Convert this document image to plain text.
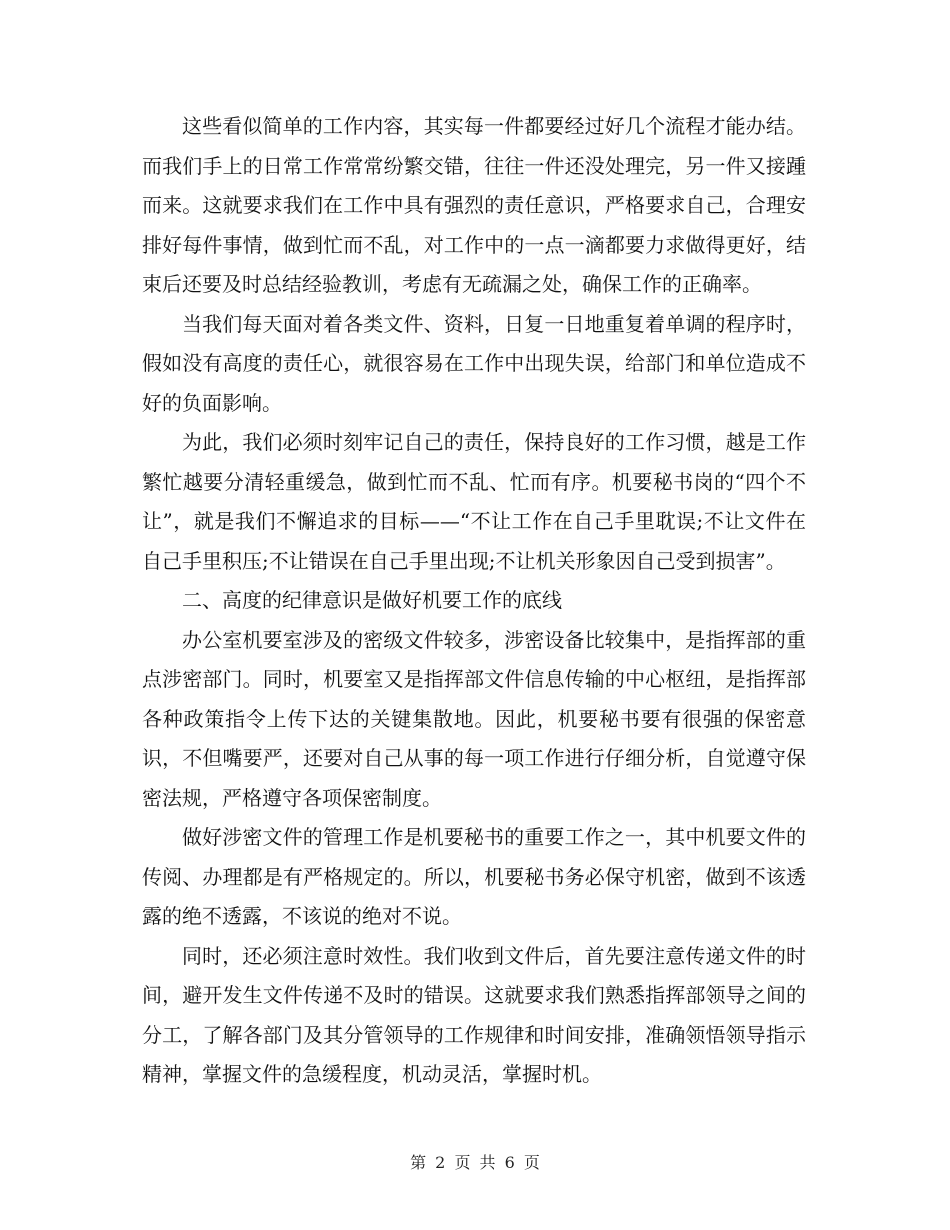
这些看似简单的工作内容，其实每一件都要经过好几个流程才能办结。而我们手上的日常工作常常纷繁交错，往往一件还没处理完，另一件又接踵而来。这就要求我们在工作中具有强烈的责任意识，严格要求自己，合理安排好每件事情，做到忙而不乱，对工作中的一点一滴都要力求做得更好，结束后还要及时总结经验教训，考虑有无疏漏之处，确保工作的正确率。

当我们每天面对着各类文件、资料，日复一日地重复着单调的程序时，假如没有高度的责任心，就很容易在工作中出现失误，给部门和单位造成不好的负面影响。

为此，我们必须时刻牢记自己的责任，保持良好的工作习惯，越是工作繁忙越要分清轻重缓急，做到忙而不乱、忙而有序。机要秘书岗的“四个不让”，就是我们不懈追求的目标——“不让工作在自己手里耽误;不让文件在自己手里积压;不让错误在自己手里出现;不让机关形象因自己受到损害”。

二、高度的纪律意识是做好机要工作的底线

办公室机要室涉及的密级文件较多，涉密设备比较集中，是指挥部的重点涉密部门。同时，机要室又是指挥部文件信息传输的中心枢纽，是指挥部各种政策指令上传下达的关键集散地。因此，机要秘书要有很强的保密意识，不但嘴要严，还要对自己从事的每一项工作进行仔细分析，自觉遵守保密法规，严格遵守各项保密制度。

做好涉密文件的管理工作是机要秘书的重要工作之一，其中机要文件的传阅、办理都是有严格规定的。所以，机要秘书务必保守机密，做到不该透露的绝不透露，不该说的绝对不说。

同时，还必须注意时效性。我们收到文件后，首先要注意传递文件的时间，避开发生文件传递不及时的错误。这就要求我们熟悉指挥部领导之间的分工，了解各部门及其分管领导的工作规律和时间安排，准确领悟领导指示精神，掌握文件的急缓程度，机动灵活，掌握时机。

第 2 页 共 6 页
